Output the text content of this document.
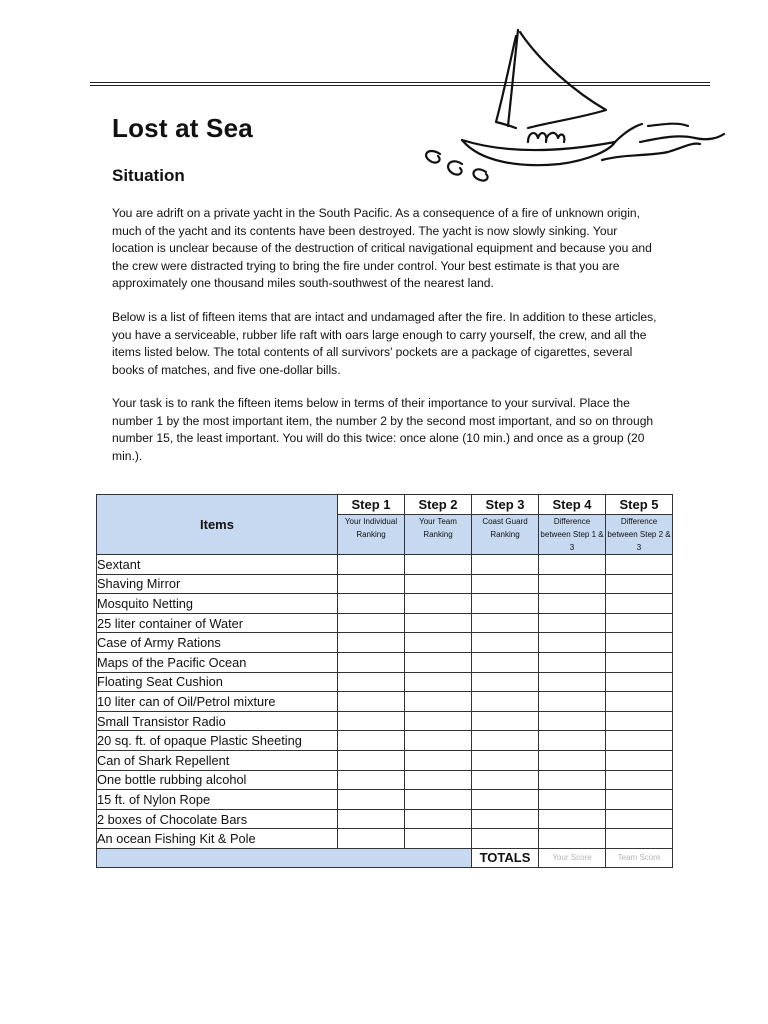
Lost at Sea
Situation

You are adrift on a private yacht in the South Pacific. As a consequence of a fire of unknown origin, much of the yacht and its contents have been destroyed. The yacht is now slowly sinking. Your location is unclear because of the destruction of critical navigational equipment and because you and the crew were distracted trying to bring the fire under control. Your best estimate is that you are approximately one thousand miles south-southwest of the nearest land.

Below is a list of fifteen items that are intact and undamaged after the fire. In addition to these articles, you have a serviceable, rubber life raft with oars large enough to carry yourself, the crew, and all the items listed below. The total contents of all survivors’ pockets are a package of cigarettes, several books of matches, and five one-dollar bills.

Your task is to rank the fifteen items below in terms of their importance to your survival. Place the number 1 by the most important item, the number 2 by the second most important, and so on through number 15, the least important. You will do this twice: once alone (10 min.) and once as a group (20 min.).

Items	Step 1	Step 2	Step 3	Step 4	Step 5
	Your Individual Ranking	Your Team Ranking	Coast Guard Ranking	Difference between Step 1 & 3	Difference between Step 2 & 3
Sextant					
Shaving Mirror					
Mosquito Netting					
25 liter container of Water					
Case of Army Rations					
Maps of the Pacific Ocean					
Floating Seat Cushion					
10 liter can of Oil/Petrol mixture					
Small Transistor Radio					
20 sq. ft. of opaque Plastic Sheeting					
Can of Shark Repellent					
One bottle rubbing alcohol					
15 ft. of Nylon Rope					
2 boxes of Chocolate Bars					
An ocean Fishing Kit & Pole					
			TOTALS	Your Score	Team Score
